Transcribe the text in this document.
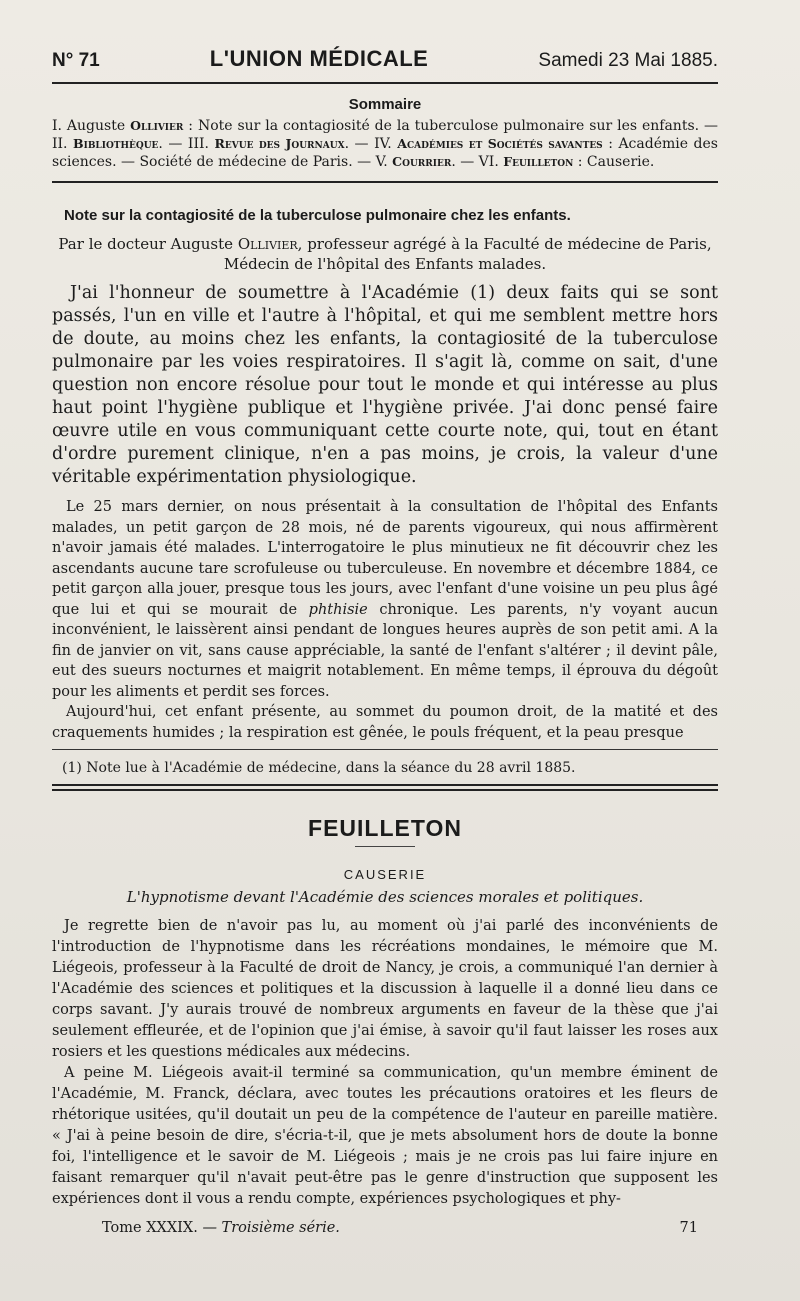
N° 71	L'UNION MÉDICALE	Samedi 23 Mai 1885.
Sommaire
I. Auguste Ollivier : Note sur la contagiosité de la tuberculose pulmonaire sur les enfants. — II. Bibliothèque. — III. Revue des Journaux. — IV. Académies et Sociétés savantes : Académie des sciences. — Société de médecine de Paris. — V. Courrier. — VI. Feuilleton : Causerie.
Note sur la contagiosité de la tuberculose pulmonaire chez les enfants.
Par le docteur Auguste Ollivier, professeur agrégé à la Faculté de médecine de Paris,
Médecin de l'hôpital des Enfants malades.
J'ai l'honneur de soumettre à l'Académie (1) deux faits qui se sont passés, l'un en ville et l'autre à l'hôpital, et qui me semblent mettre hors de doute, au moins chez les enfants, la contagiosité de la tuberculose pulmonaire par les voies respiratoires. Il s'agit là, comme on sait, d'une question non encore résolue pour tout le monde et qui intéresse au plus haut point l'hygiène publique et l'hygiène privée. J'ai donc pensé faire œuvre utile en vous communiquant cette courte note, qui, tout en étant d'ordre purement clinique, n'en a pas moins, je crois, la valeur d'une véritable expérimentation physiologique.
Le 25 mars dernier, on nous présentait à la consultation de l'hôpital des Enfants malades, un petit garçon de 28 mois, né de parents vigoureux, qui nous affirmèrent n'avoir jamais été malades. L'interrogatoire le plus minutieux ne fit découvrir chez les ascendants aucune tare scrofuleuse ou tuberculeuse. En novembre et décembre 1884, ce petit garçon alla jouer, presque tous les jours, avec l'enfant d'une voisine un peu plus âgé que lui et qui se mourait de phthisie chronique. Les parents, n'y voyant aucun inconvénient, le laissèrent ainsi pendant de longues heures auprès de son petit ami. A la fin de janvier on vit, sans cause appréciable, la santé de l'enfant s'altérer ; il devint pâle, eut des sueurs nocturnes et maigrit notablement. En même temps, il éprouva du dégoût pour les aliments et perdit ses forces.
Aujourd'hui, cet enfant présente, au sommet du poumon droit, de la matité et des craquements humides ; la respiration est gênée, le pouls fréquent, et la peau presque
(1) Note lue à l'Académie de médecine, dans la séance du 28 avril 1885.
FEUILLETON
CAUSERIE
L'hypnotisme devant l'Académie des sciences morales et politiques.
Je regrette bien de n'avoir pas lu, au moment où j'ai parlé des inconvénients de l'introduction de l'hypnotisme dans les récréations mondaines, le mémoire que M. Liégeois, professeur à la Faculté de droit de Nancy, je crois, a communiqué l'an dernier à l'Académie des sciences et politiques et la discussion à laquelle il a donné lieu dans ce corps savant. J'y aurais trouvé de nombreux arguments en faveur de la thèse que j'ai seulement effleurée, et de l'opinion que j'ai émise, à savoir qu'il faut laisser les roses aux rosiers et les questions médicales aux médecins.
A peine M. Liégeois avait-il terminé sa communication, qu'un membre éminent de l'Académie, M. Franck, déclara, avec toutes les précautions oratoires et les fleurs de rhétorique usitées, qu'il doutait un peu de la compétence de l'auteur en pareille matière. « J'ai à peine besoin de dire, s'écria-t-il, que je mets absolument hors de doute la bonne foi, l'intelligence et le savoir de M. Liégeois ; mais je ne crois pas lui faire injure en faisant remarquer qu'il n'avait peut-être pas le genre d'instruction que supposent les expériences dont il vous a rendu compte, expériences psychologiques et phy-
Tome XXXIX. — Troisième série.	71
